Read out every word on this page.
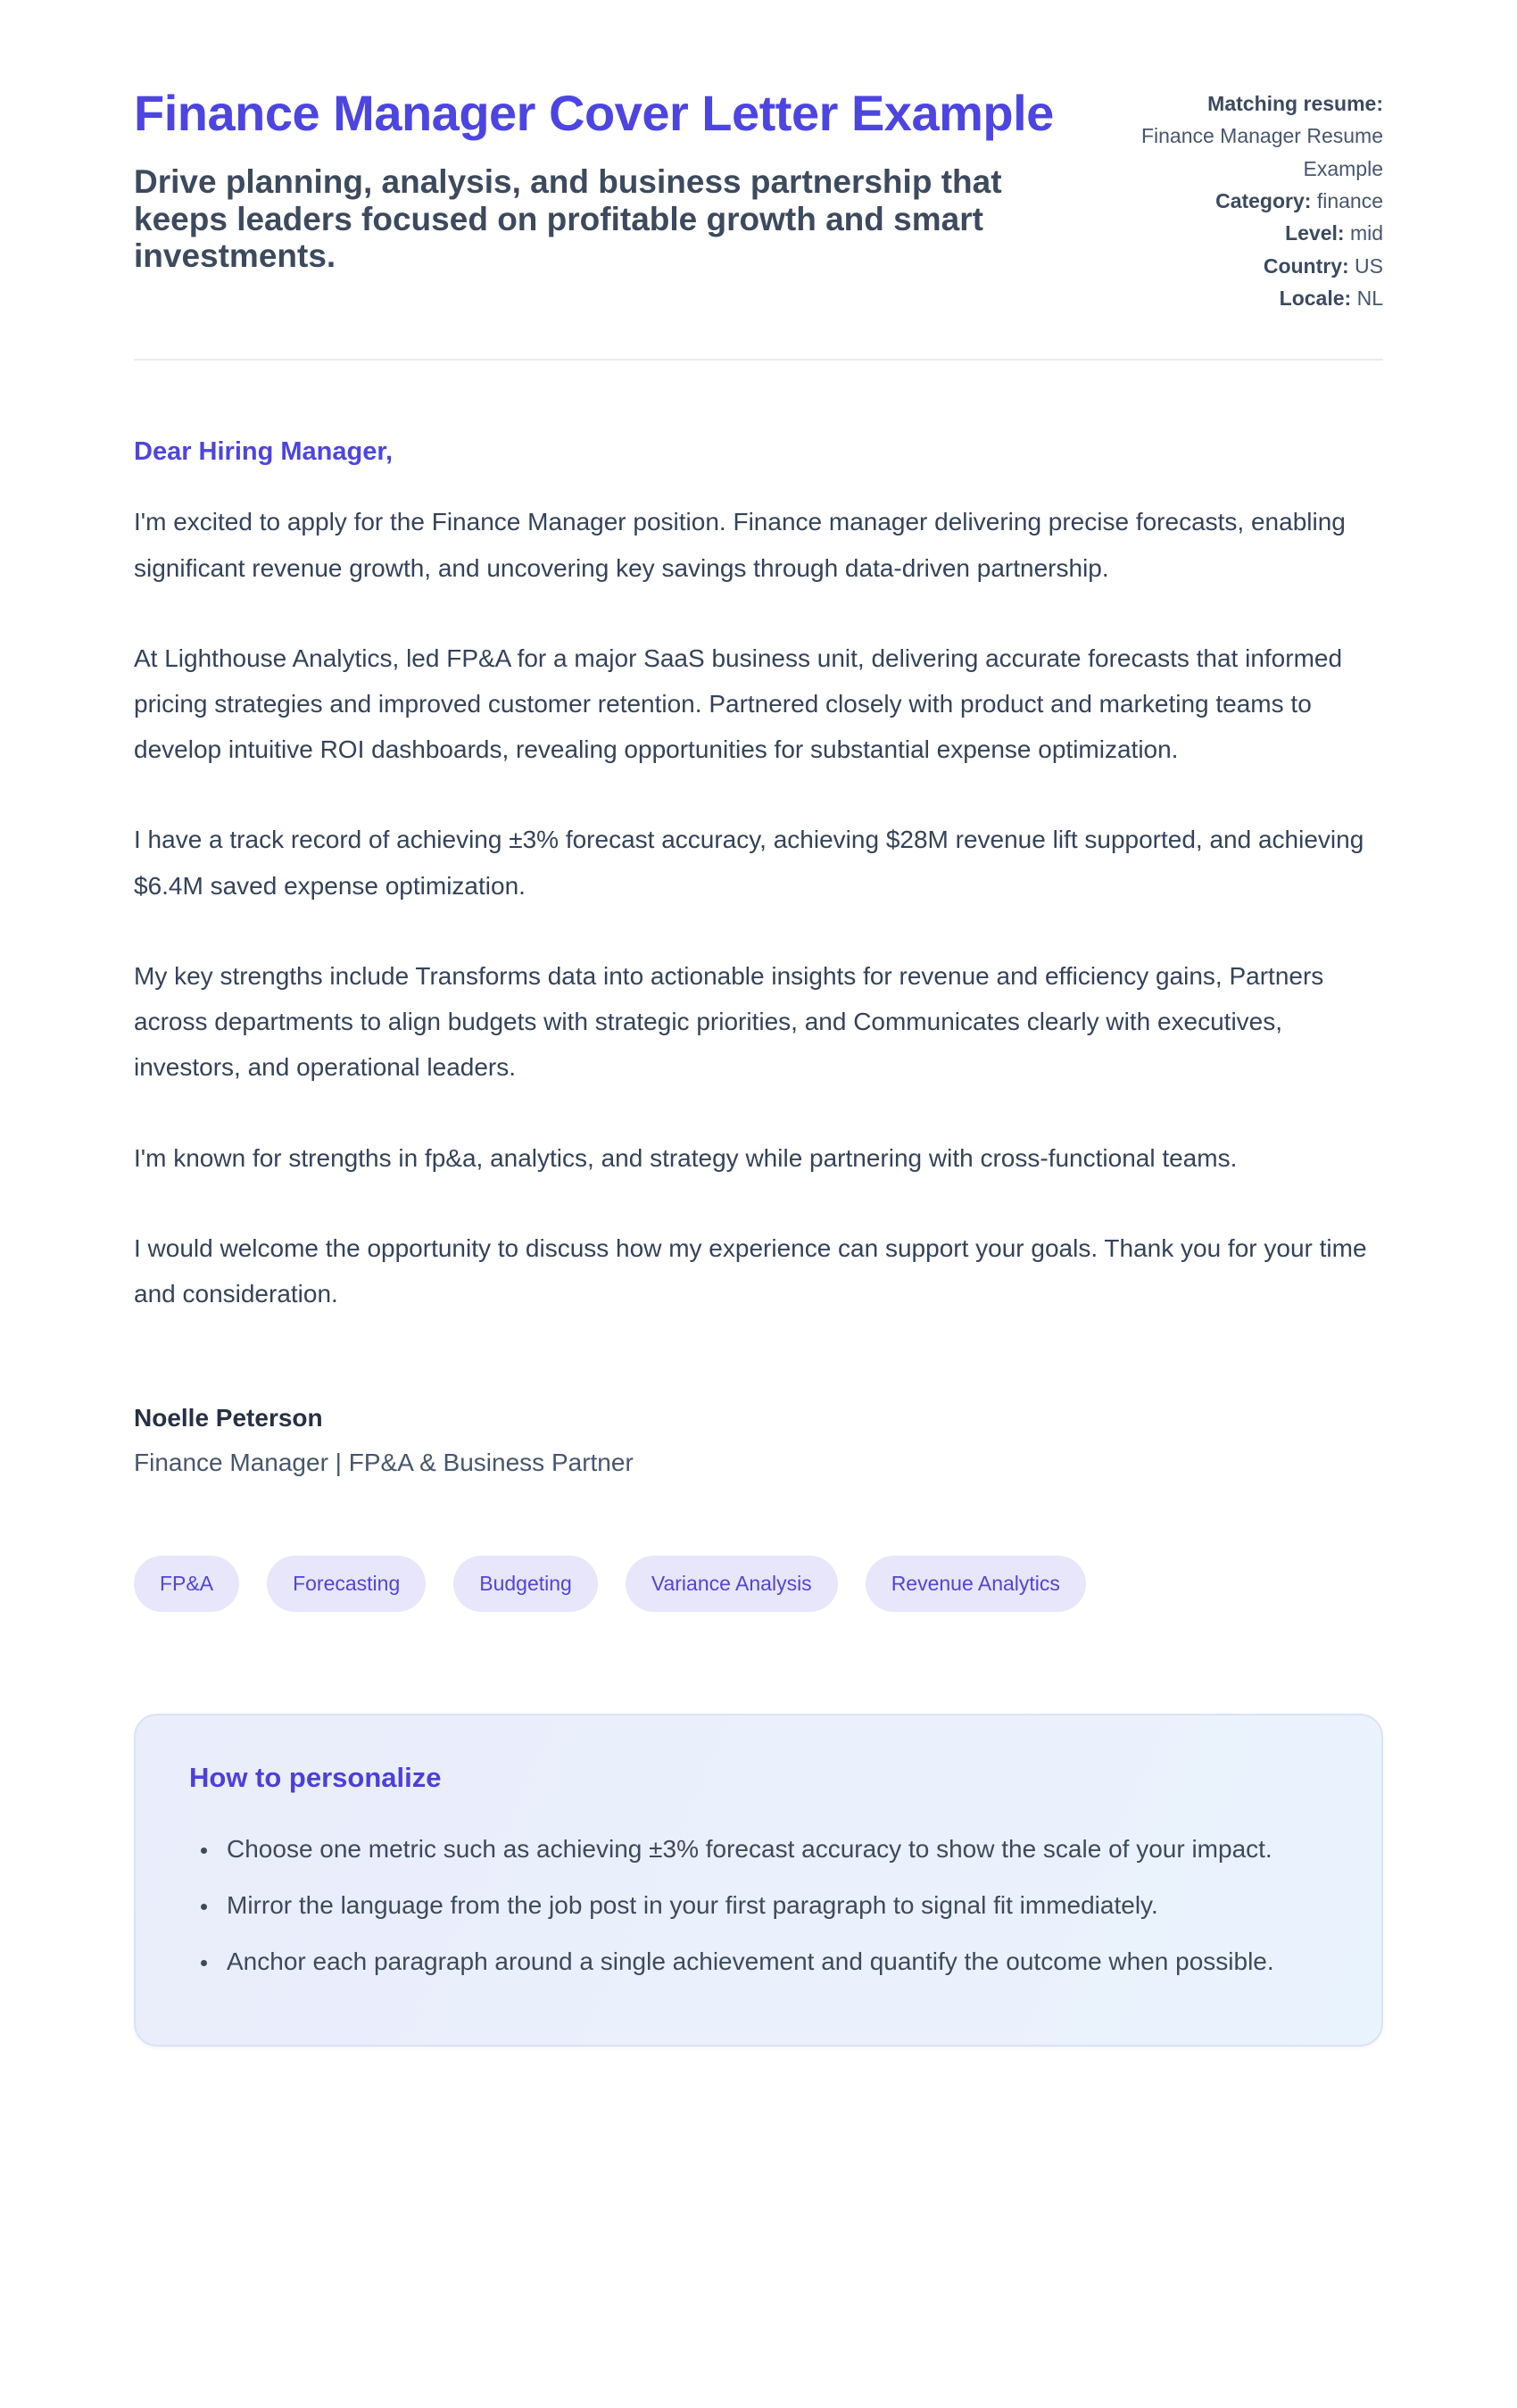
Finance Manager Cover Letter Example

Drive planning, analysis, and business partnership that keeps leaders focused on profitable growth and smart investments.

Matching resume:
Finance Manager Resume Example
Category: finance
Level: mid
Country: US
Locale: NL

Dear Hiring Manager,

I'm excited to apply for the Finance Manager position. Finance manager delivering precise forecasts, enabling significant revenue growth, and uncovering key savings through data-driven partnership.

At Lighthouse Analytics, led FP&A for a major SaaS business unit, delivering accurate forecasts that informed pricing strategies and improved customer retention. Partnered closely with product and marketing teams to develop intuitive ROI dashboards, revealing opportunities for substantial expense optimization.

I have a track record of achieving ±3% forecast accuracy, achieving $28M revenue lift supported, and achieving $6.4M saved expense optimization.

My key strengths include Transforms data into actionable insights for revenue and efficiency gains, Partners across departments to align budgets with strategic priorities, and Communicates clearly with executives, investors, and operational leaders.

I'm known for strengths in fp&a, analytics, and strategy while partnering with cross-functional teams.

I would welcome the opportunity to discuss how my experience can support your goals. Thank you for your time and consideration.

Noelle Peterson

Finance Manager | FP&A & Business Partner

FP&A	Forecasting	Budgeting	Variance Analysis	Revenue Analytics
How to personalize
• Choose one metric such as achieving ±3% forecast accuracy to show the scale of your impact.
• Mirror the language from the job post in your first paragraph to signal fit immediately.
• Anchor each paragraph around a single achievement and quantify the outcome when possible.
